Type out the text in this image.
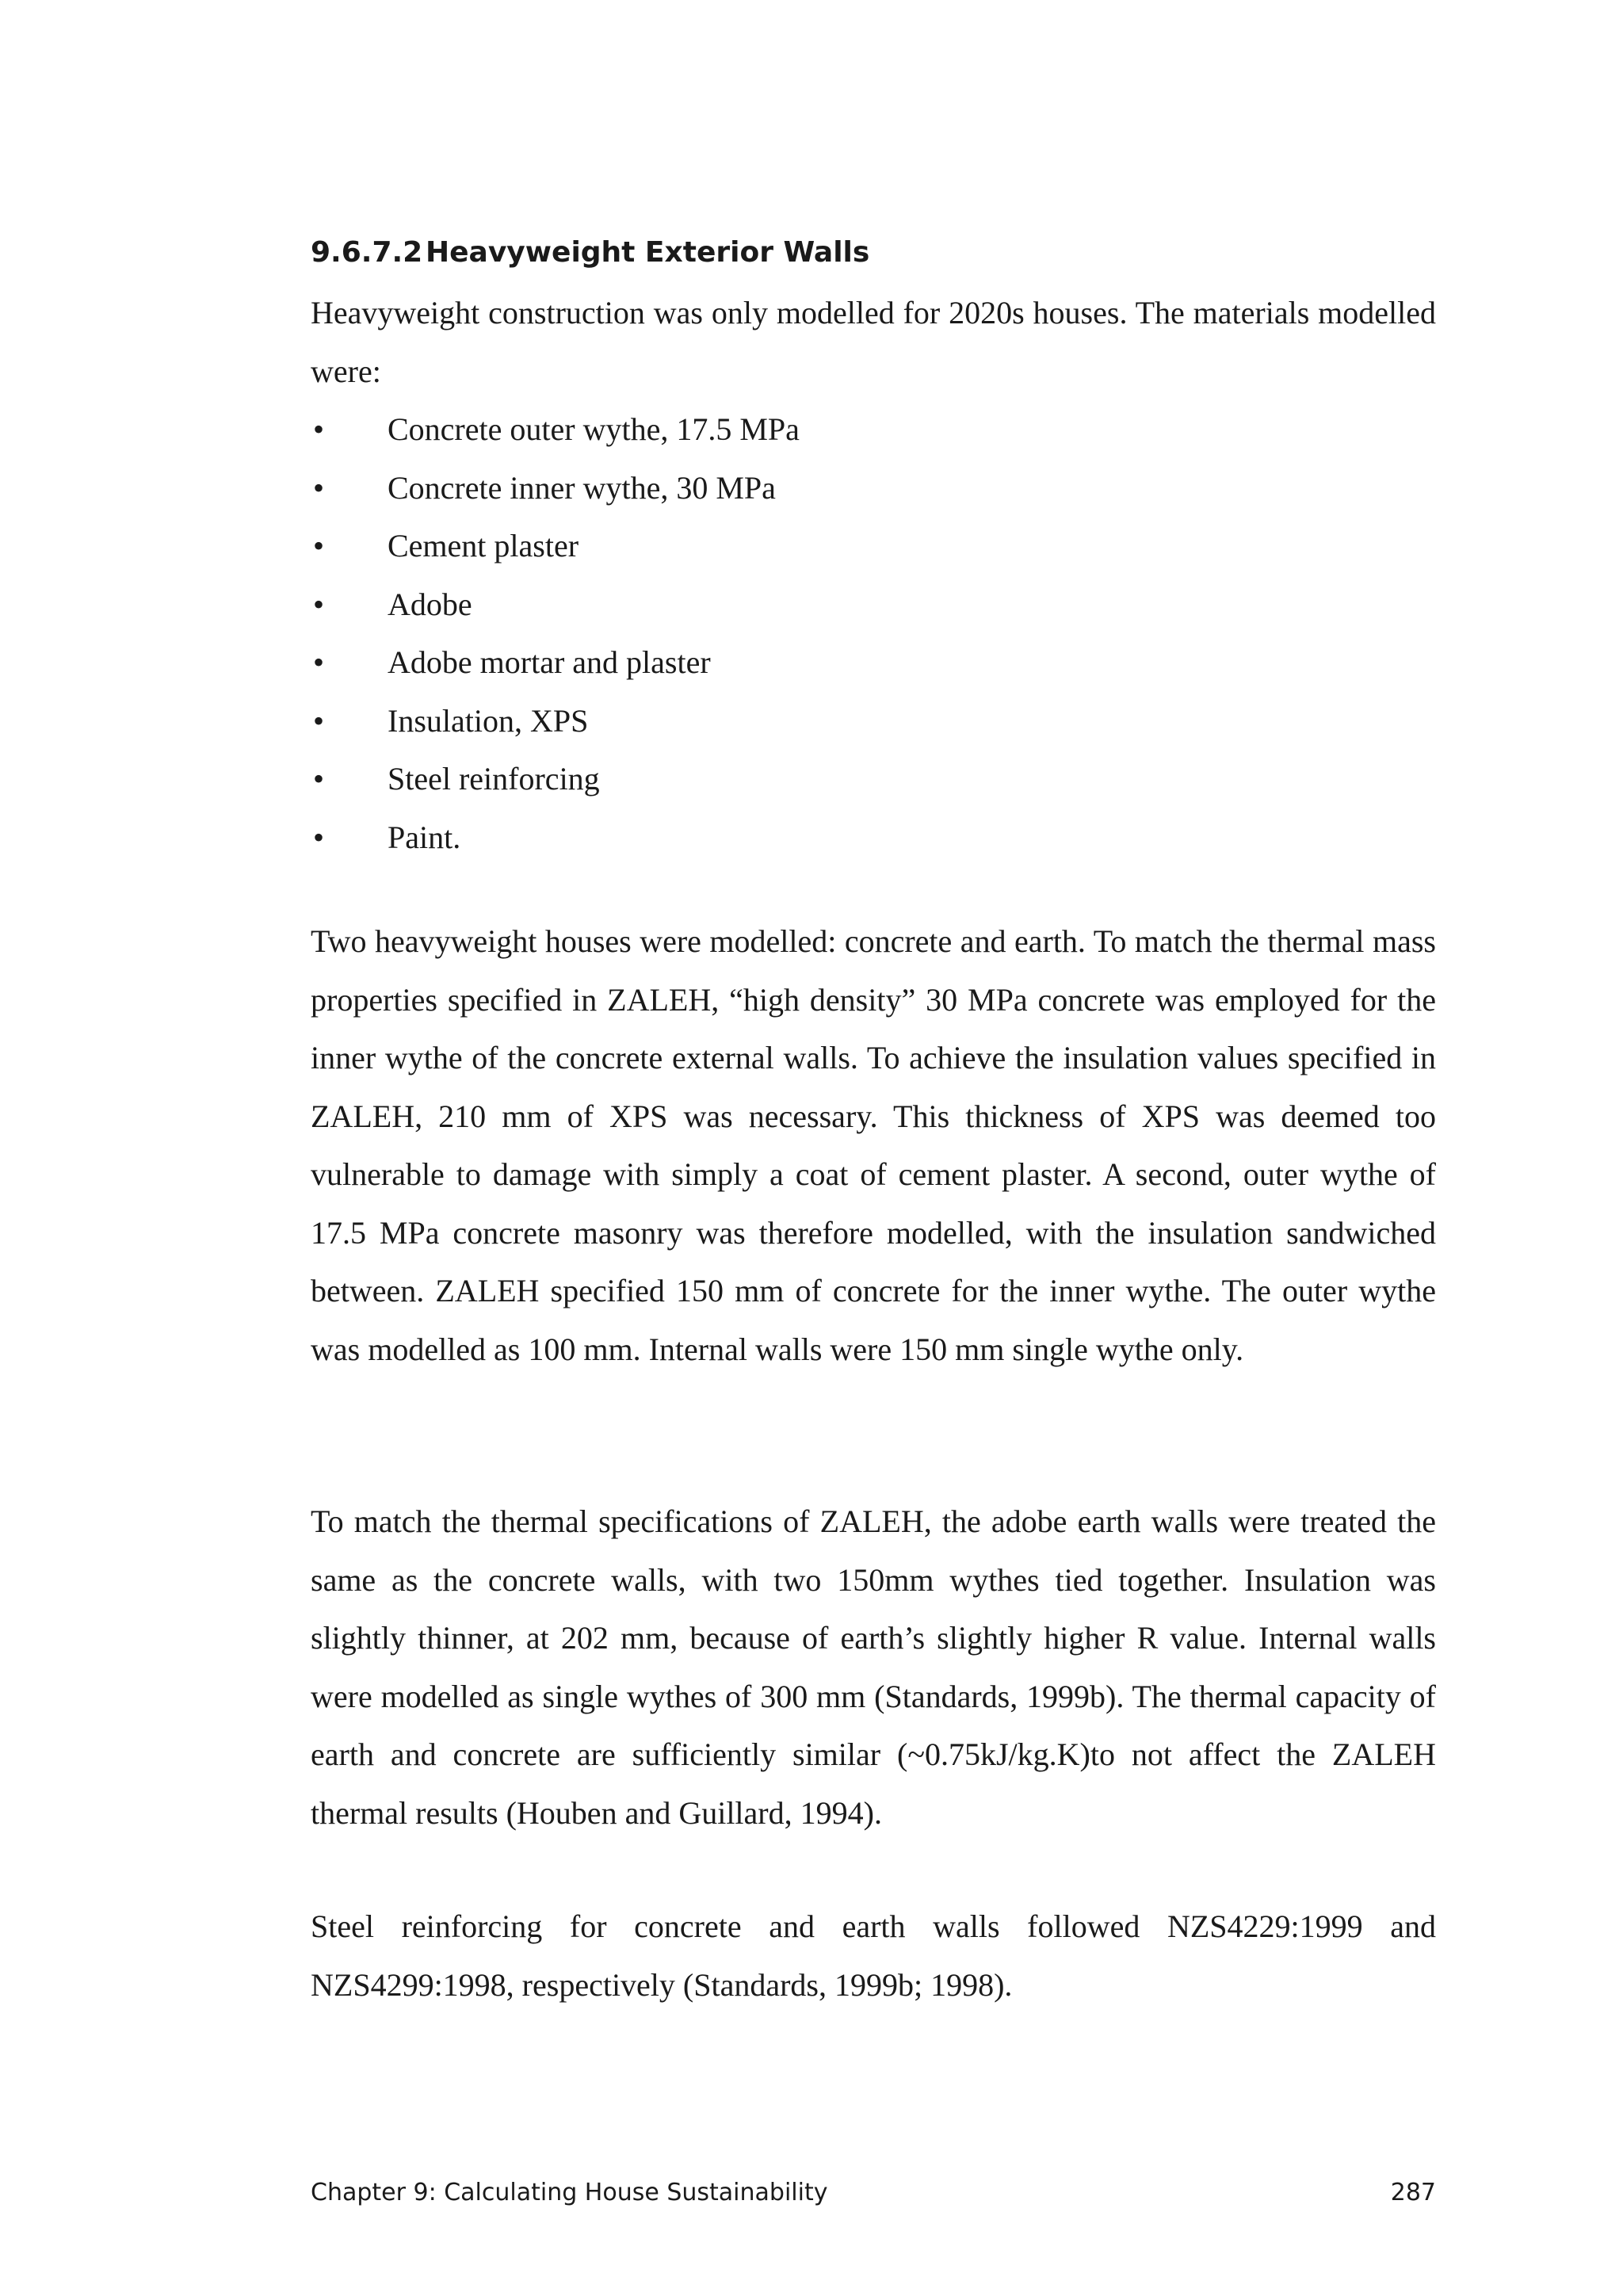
9.6.7.2 Heavyweight Exterior Walls

Heavyweight construction was only modelled for 2020s houses. The materials modelled were:

• Concrete outer wythe, 17.5 MPa
• Concrete inner wythe, 30 MPa
• Cement plaster
• Adobe
• Adobe mortar and plaster
• Insulation, XPS
• Steel reinforcing
• Paint.

Two heavyweight houses were modelled: concrete and earth. To match the thermal mass properties specified in ZALEH, “high density” 30 MPa concrete was employed for the inner wythe of the concrete external walls. To achieve the insulation values specified in ZALEH, 210 mm of XPS was necessary. This thickness of XPS was deemed too vulnerable to damage with simply a coat of cement plaster. A second, outer wythe of 17.5 MPa concrete masonry was therefore modelled, with the insulation sandwiched between. ZALEH specified 150 mm of concrete for the inner wythe. The outer wythe was modelled as 100 mm. Internal walls were 150 mm single wythe only.

To match the thermal specifications of ZALEH, the adobe earth walls were treated the same as the concrete walls, with two 150mm wythes tied together. Insulation was slightly thinner, at 202 mm, because of earth’s slightly higher R value. Internal walls were modelled as single wythes of 300 mm (Standards, 1999b). The thermal capacity of earth and concrete are sufficiently similar (~0.75kJ/kg.K)to not affect the ZALEH thermal results (Houben and Guillard, 1994).

Steel reinforcing for concrete and earth walls followed NZS4229:1999 and NZS4299:1998, respectively (Standards, 1999b; 1998).

Chapter 9: Calculating House Sustainability	287
